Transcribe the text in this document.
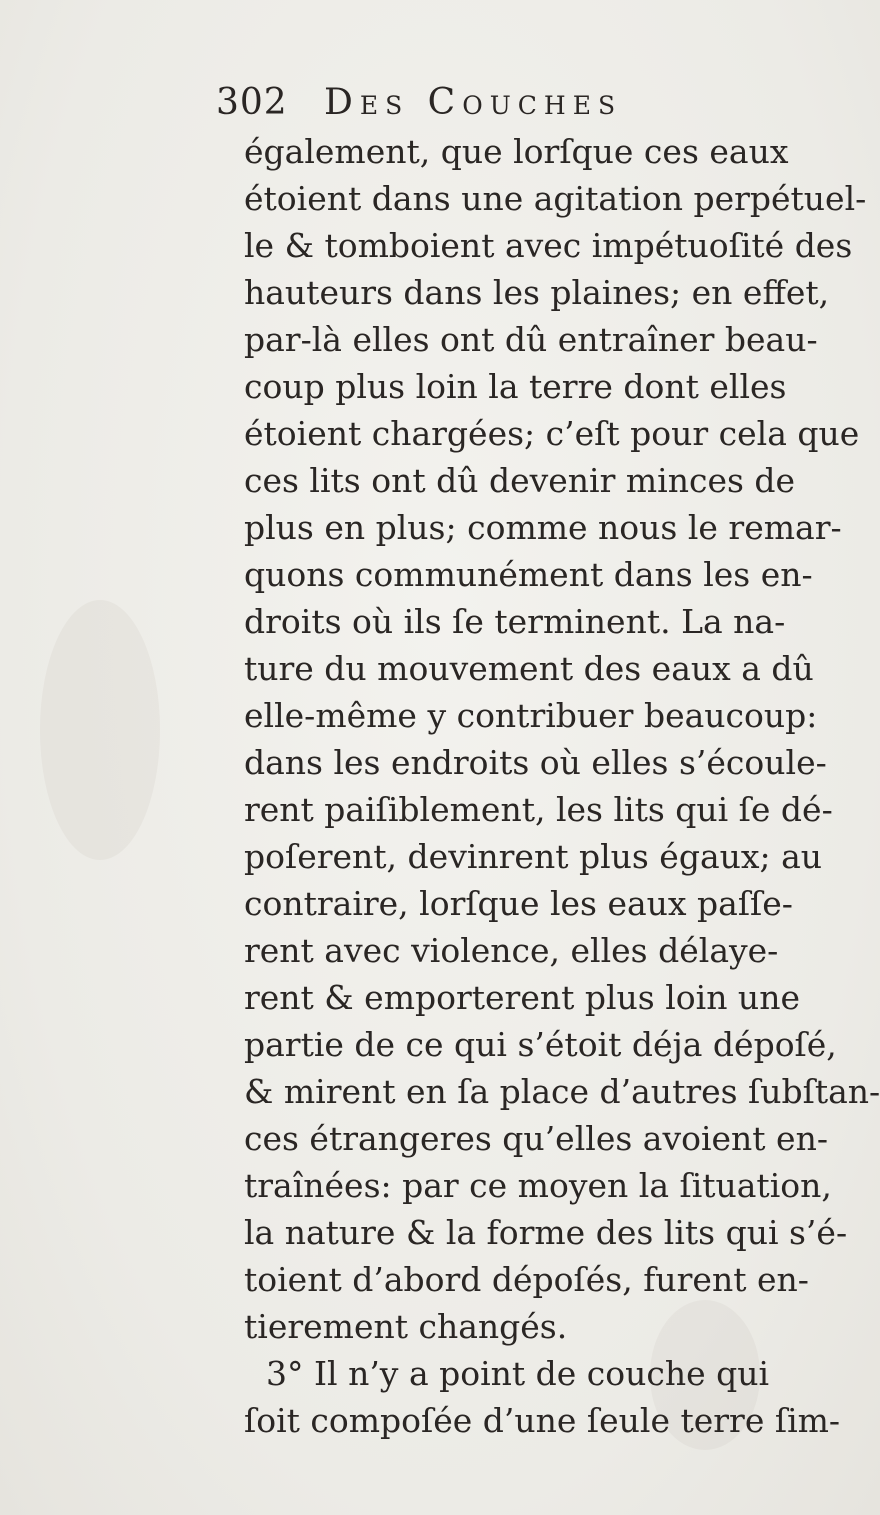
302 Des Couches
également, que lorſque ces eaux
étoient dans une agitation perpétuel-
le & tomboient avec impétuoſité des
hauteurs dans les plaines; en effet,
par-là elles ont dû entraîner beau-
coup plus loin la terre dont elles
étoient chargées; c’eſt pour cela que
ces lits ont dû devenir minces de
plus en plus; comme nous le remar-
quons communément dans les en-
droits où ils ſe terminent. La na-
ture du mouvement des eaux a dû
elle-même y contribuer beaucoup:
dans les endroits où elles s’écoule-
rent paiſiblement, les lits qui ſe dé-
poſerent, devinrent plus égaux; au
contraire, lorſque les eaux paſſe-
rent avec violence, elles délaye-
rent & emporterent plus loin une
partie de ce qui s’étoit déja dépoſé,
& mirent en ſa place d’autres ſubſtan-
ces étrangeres qu’elles avoient en-
traînées: par ce moyen la ſituation,
la nature & la forme des lits qui s’é-
toient d’abord dépoſés, furent en-
tierement changés.
3° Il n’y a point de couche qui
ſoit compoſée d’une ſeule terre ſim-
